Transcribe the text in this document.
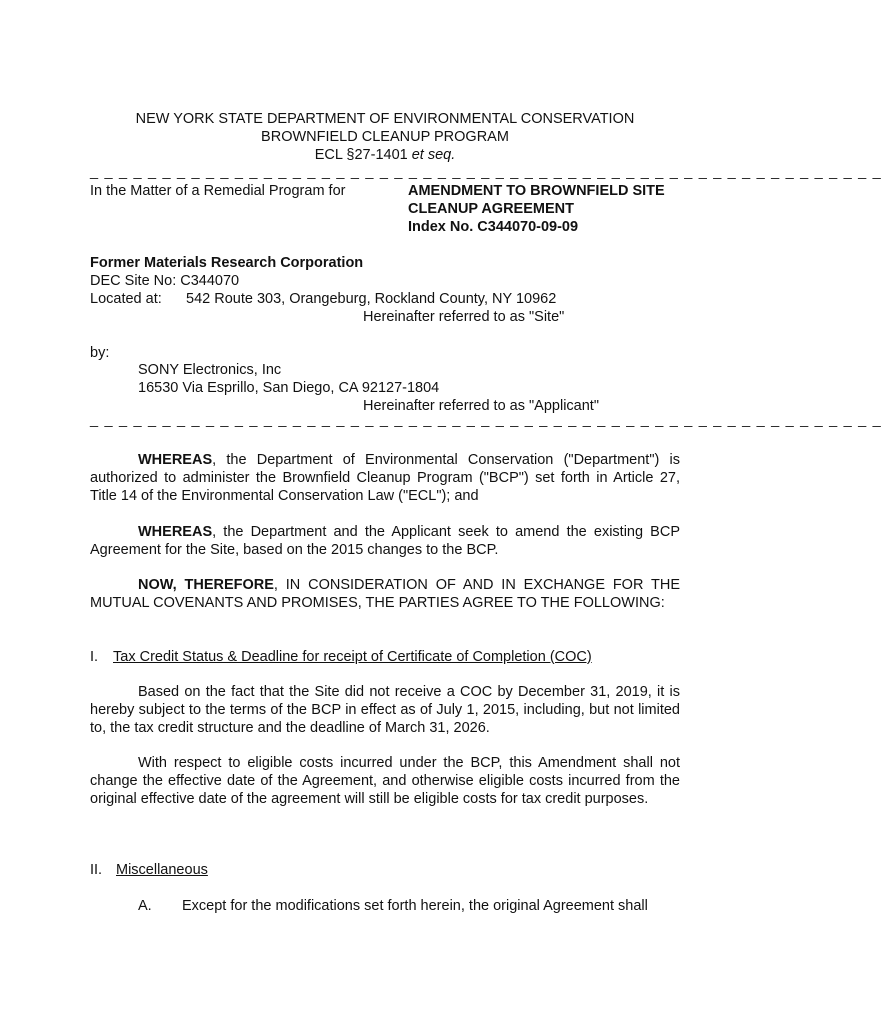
NEW YORK STATE DEPARTMENT OF ENVIRONMENTAL CONSERVATION
BROWNFIELD CLEANUP PROGRAM
ECL §27-1401 et seq.
_ _ _ _ _ _ _ _ _ _ _ _ _ _ _ _ _ _ _ _ _ _ _ _ _ _ _ _ _ _ _ _ _ _ _ _ _ _ _ _ _ _ _ _ _ _ _ _ _ _ _ _ _ _ _
In the Matter of a Remedial Program for	AMENDMENT TO BROWNFIELD SITE
CLEANUP AGREEMENT
Index No. C344070-09-09
Former Materials Research Corporation
DEC Site No: C344070
Located at: 542 Route 303, Orangeburg, Rockland County, NY 10962
Hereinafter referred to as "Site"
by:
SONY Electronics, Inc
16530 Via Esprillo, San Diego, CA 92127-1804
Hereinafter referred to as "Applicant"
_ _ _ _ _ _ _ _ _ _ _ _ _ _ _ _ _ _ _ _ _ _ _ _ _ _ _ _ _ _ _ _ _ _ _ _ _ _ _ _ _ _ _ _ _ _ _ _ _ _ _ _ _ _ _
WHEREAS, the Department of Environmental Conservation ("Department") is authorized to administer the Brownfield Cleanup Program ("BCP") set forth in Article 27, Title 14 of the Environmental Conservation Law ("ECL"); and
WHEREAS, the Department and the Applicant seek to amend the existing BCP Agreement for the Site, based on the 2015 changes to the BCP.
NOW, THEREFORE, IN CONSIDERATION OF AND IN EXCHANGE FOR THE MUTUAL COVENANTS AND PROMISES, THE PARTIES AGREE TO THE FOLLOWING:
I. Tax Credit Status & Deadline for receipt of Certificate of Completion (COC)
Based on the fact that the Site did not receive a COC by December 31, 2019, it is hereby subject to the terms of the BCP in effect as of July 1, 2015, including, but not limited to, the tax credit structure and the deadline of March 31, 2026.
With respect to eligible costs incurred under the BCP, this Amendment shall not change the effective date of the Agreement, and otherwise eligible costs incurred from the original effective date of the agreement will still be eligible costs for tax credit purposes.
II. Miscellaneous
A. Except for the modifications set forth herein, the original Agreement shall
